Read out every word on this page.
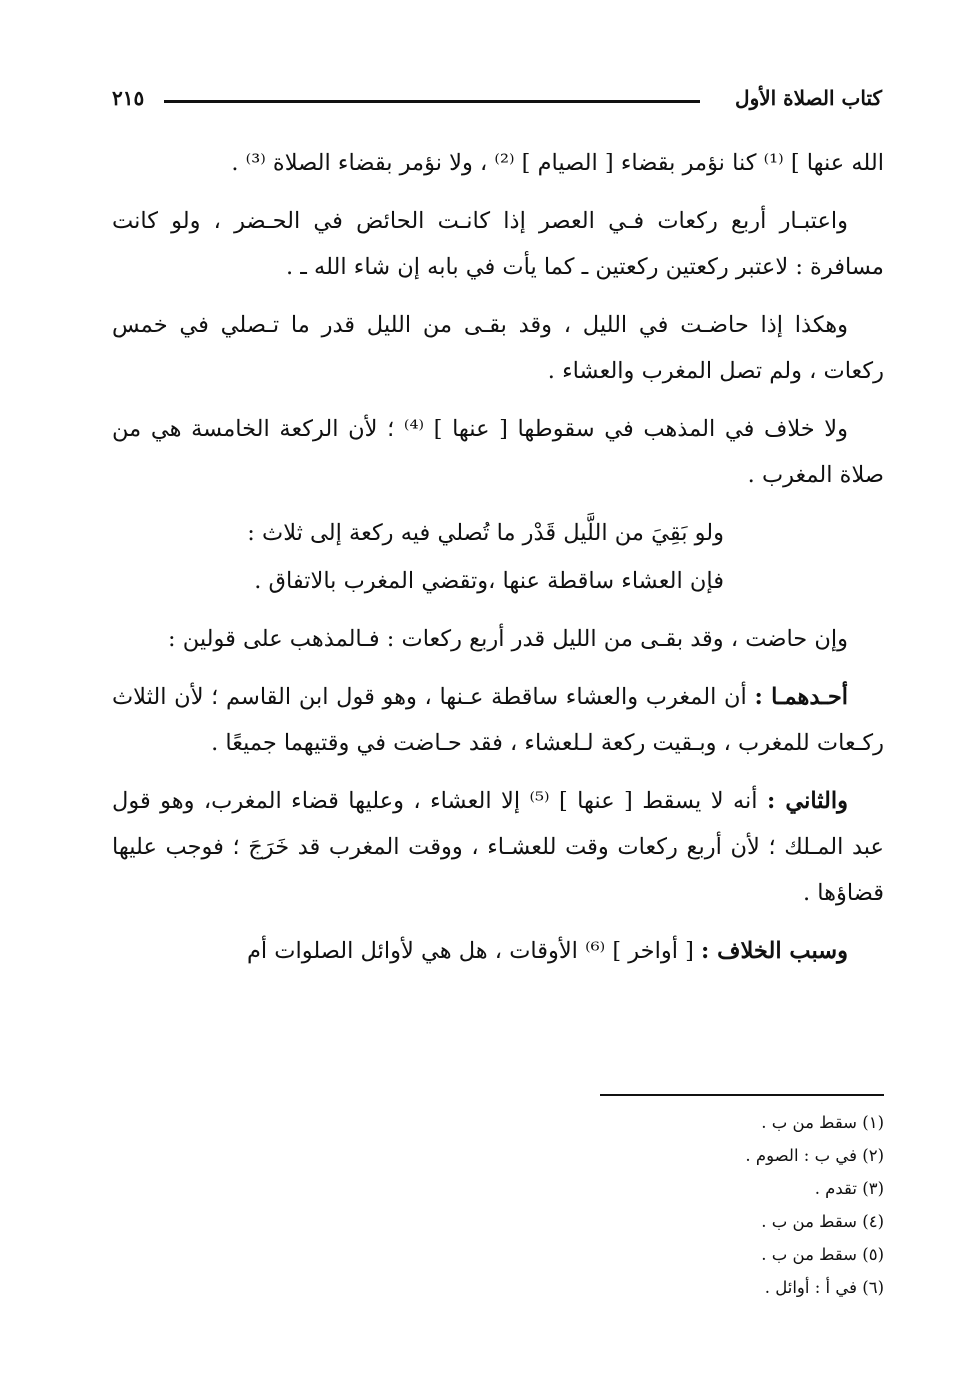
كتاب الصلاة الأول
٢١٥

الله عنها ] ⁽¹⁾ كنا نؤمر بقضاء [ الصيام ] ⁽²⁾ ، ولا نؤمر بقضاء الصلاة ⁽³⁾ .

واعتبـار أربع ركعات فـي العصر إذا كانـت الحائض في الحـضر ، ولو كانت مسافرة : لاعتبر ركعتين ركعتين ـ كما يأت في بابه إن شاء الله ـ .

وهكذا إذا حاضـت في الليل ، وقد بقـى من الليل قدر ما تـصلي في خمس ركعات ، ولم تصل المغرب والعشاء .

ولا خلاف في المذهب في سقوطها [ عنها ] ⁽⁴⁾ ؛ لأن الركعة الخامسة هي من صلاة المغرب .

ولو بَقِيَ من اللَّيل قَدْر ما تُصلي فيه ركعة إلى ثلاث :

فإن العشاء ساقطة عنها ،وتقضي المغرب بالاتفاق .

وإن حاضت ، وقد بقـى من الليل قدر أربع ركعات : فـالمذهب على قولين :

أحـدهمـا : أن المغرب والعشاء ساقطة عـنها ، وهو قول ابن القاسم ؛ لأن الثلاث ركـعات للمغرب ، وبـقيت ركعة لـلعشاء ، فقد حـاضت في وقتيهما جميعًا .

والثاني : أنه لا يسقط [ عنها ] ⁽⁵⁾ إلا العشاء ، وعليها قضاء المغرب، وهو قول عبد المـلك ؛ لأن أربع ركعات وقت للعشـاء ، ووقت المغرب قد خَرَجَ ؛ فوجب عليها قضاؤها .

وسبب الخلاف : [ أواخر ] ⁽⁶⁾ الأوقات ، هل هي لأوائل الصلوات أم

(١) سقط من ب .
(٢) في ب : الصوم .
(٣) تقدم .
(٤) سقط من ب .
(٥) سقط من ب .
(٦) في أ : أوائل .
